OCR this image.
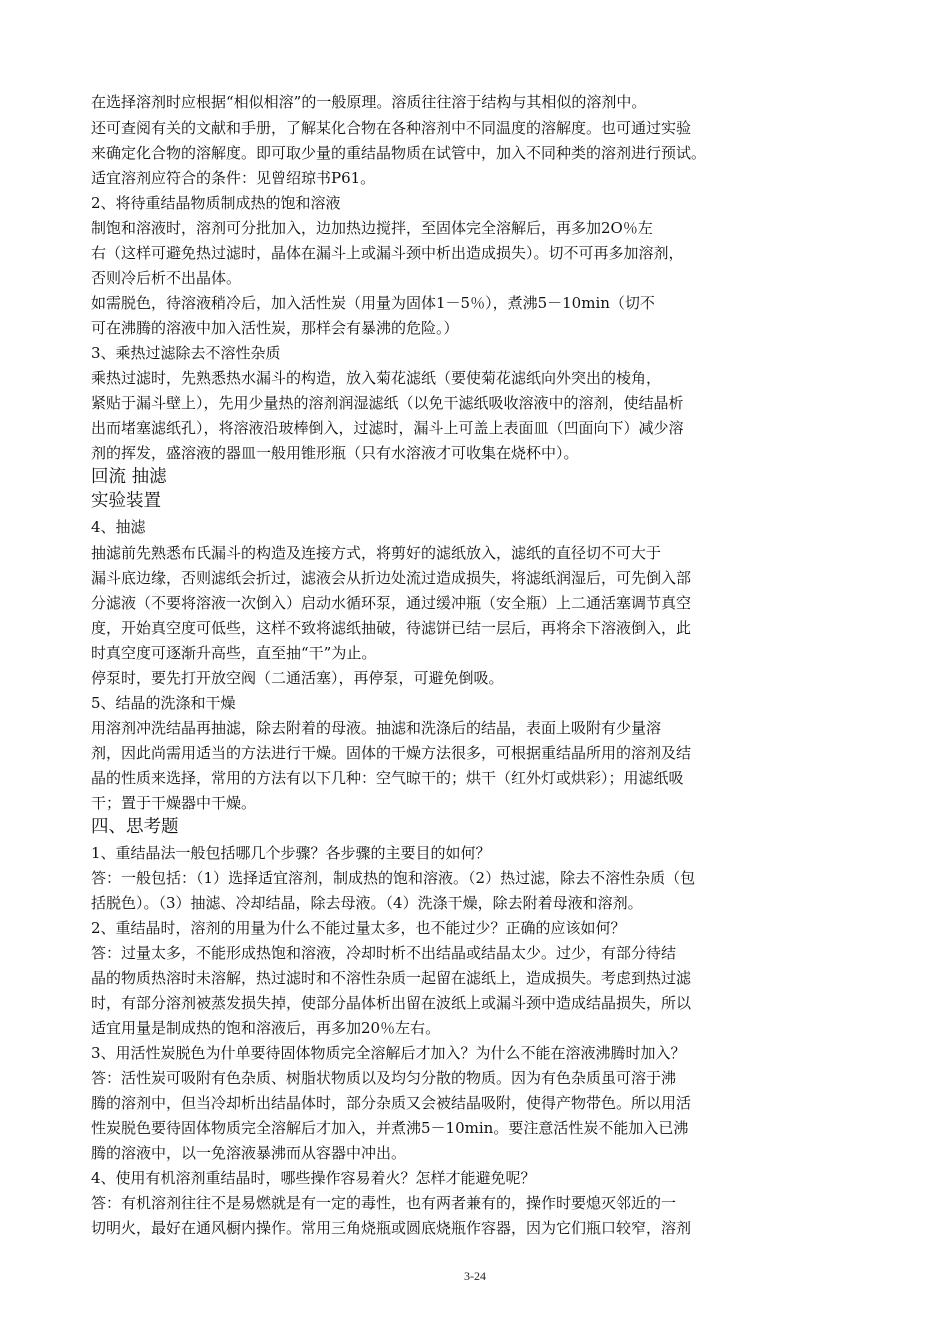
在选择溶剂时应根据“相似相溶”的一般原理。溶质往往溶于结构与其相似的溶剂中。
还可查阅有关的文献和手册，了解某化合物在各种溶剂中不同温度的溶解度。也可通过实验
来确定化合物的溶解度。即可取少量的重结晶物质在试管中，加入不同种类的溶剂进行预试。
适宜溶剂应符合的条件：见曾绍琼书P61。
2、将待重结晶物质制成热的饱和溶液
制饱和溶液时，溶剂可分批加入，边加热边搅拌，至固体完全溶解后，再多加2O％左
右（这样可避免热过滤时，晶体在漏斗上或漏斗颈中析出造成损失）。切不可再多加溶剂，
否则冷后析不出晶体。
如需脱色，待溶液稍冷后，加入活性炭（用量为固体1－5％），煮沸5－10min（切不
可在沸腾的溶液中加入活性炭，那样会有暴沸的危险。）
3、乘热过滤除去不溶性杂质
乘热过滤时，先熟悉热水漏斗的构造，放入菊花滤纸（要使菊花滤纸向外突出的棱角，
紧贴于漏斗壁上），先用少量热的溶剂润湿滤纸（以免干滤纸吸收溶液中的溶剂，使结晶析
出而堵塞滤纸孔），将溶液沿玻棒倒入，过滤时，漏斗上可盖上表面皿（凹面向下）减少溶
剂的挥发，盛溶液的器皿一般用锥形瓶（只有水溶液才可收集在烧杯中）。
回流 抽滤
实验装置
4、抽滤
抽滤前先熟悉布氏漏斗的构造及连接方式，将剪好的滤纸放入，滤纸的直径切不可大于
漏斗底边缘，否则滤纸会折过，滤液会从折边处流过造成损失，将滤纸润湿后，可先倒入部
分滤液（不要将溶液一次倒入）启动水循环泵，通过缓冲瓶（安全瓶）上二通活塞调节真空
度，开始真空度可低些，这样不致将滤纸抽破，待滤饼已结一层后，再将余下溶液倒入，此
时真空度可逐渐升高些，直至抽“干”为止。
停泵时，要先打开放空阀（二通活塞），再停泵，可避免倒吸。
5、结晶的洗涤和干燥
用溶剂冲洗结晶再抽滤，除去附着的母液。抽滤和洗涤后的结晶，表面上吸附有少量溶
剂，因此尚需用适当的方法进行干燥。固体的干燥方法很多，可根据重结晶所用的溶剂及结
晶的性质来选择，常用的方法有以下几种：空气晾干的；烘干（红外灯或烘彩）；用滤纸吸
干；置于干燥器中干燥。
四、思考题
1、重结晶法一般包括哪几个步骤？各步骤的主要目的如何？
答：一般包括：（1）选择适宜溶剂，制成热的饱和溶液。（2）热过滤，除去不溶性杂质（包
括脱色）。（3）抽滤、冷却结晶，除去母液。（4）洗涤干燥，除去附着母液和溶剂。
2、重结晶时，溶剂的用量为什么不能过量太多，也不能过少？正确的应该如何？
答：过量太多，不能形成热饱和溶液，冷却时析不出结晶或结晶太少。过少，有部分待结
晶的物质热溶时未溶解，热过滤时和不溶性杂质一起留在滤纸上，造成损失。考虑到热过滤
时，有部分溶剂被蒸发损失掉，使部分晶体析出留在波纸上或漏斗颈中造成结晶损失，所以
适宜用量是制成热的饱和溶液后，再多加20％左右。
3、用活性炭脱色为什单要待固体物质完全溶解后才加入？为什么不能在溶液沸腾时加入？
答：活性炭可吸附有色杂质、树脂状物质以及均匀分散的物质。因为有色杂质虽可溶于沸
腾的溶剂中，但当冷却析出结晶体时，部分杂质又会被结晶吸附，使得产物带色。所以用活
性炭脱色要待固体物质完全溶解后才加入，并煮沸5－10min。要注意活性炭不能加入已沸
腾的溶液中，以一免溶液暴沸而从容器中冲出。
4、使用有机溶剂重结晶时，哪些操作容易着火？怎样才能避免呢？
答：有机溶剂往往不是易燃就是有一定的毒性，也有两者兼有的，操作时要熄灭邻近的一
切明火，最好在通风橱内操作。常用三角烧瓶或圆底烧瓶作容器，因为它们瓶口较窄，溶剂
3-24
